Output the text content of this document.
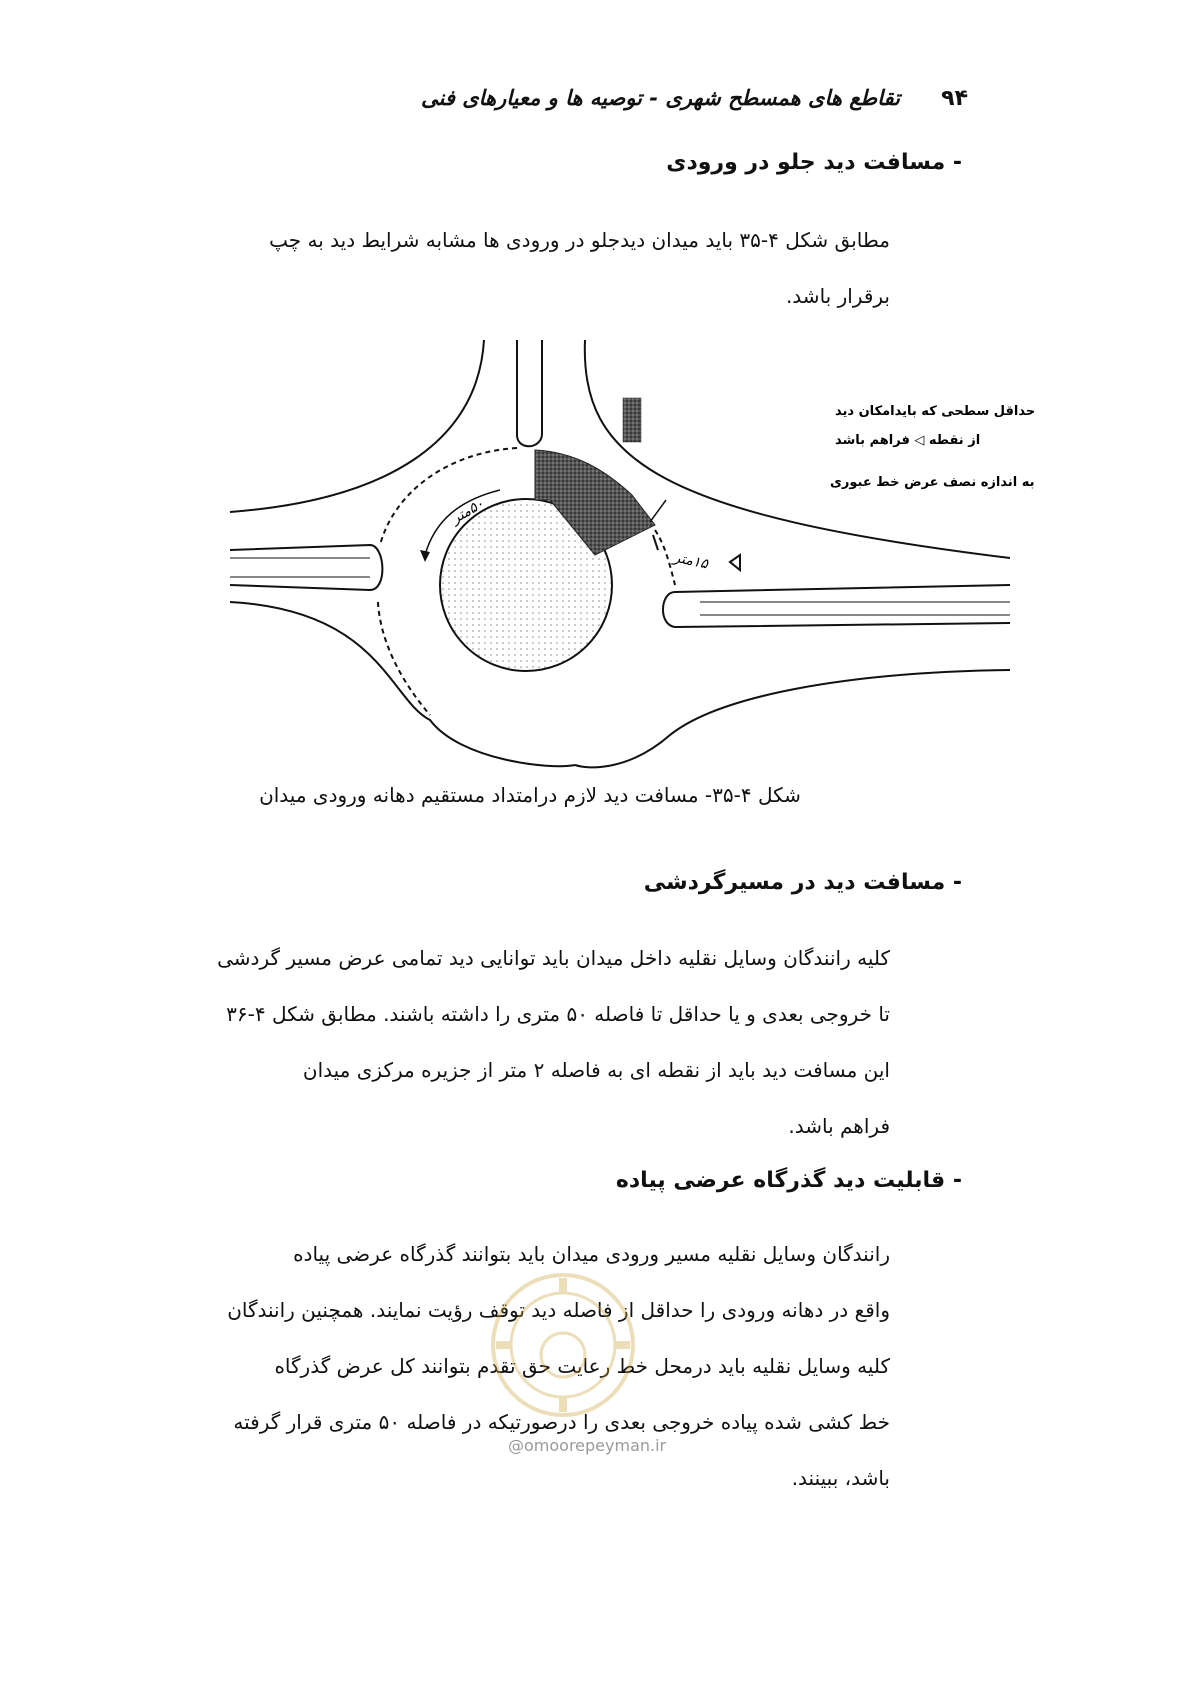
تقاطع های همسطح شهری - توصیه ها و معیارهای فنی ۹۴
- مسافت دید جلو در ورودی
مطابق شکل ۴-۳۵ باید میدان دیدجلو در ورودی ها مشابه شرایط دید به چپ
برقرار باشد.
حداقل سطحی که بایدامکان دید
از نقطه ◁ فراهم باشد
به اندازه نصف عرض خط عبوری
۵۰متر
۱۵متر
شکل ۴-۳۵- مسافت دید لازم درامتداد مستقیم دهانه ورودی میدان
- مسافت دید در مسیرگردشی
کلیه رانندگان وسایل نقلیه داخل میدان باید توانایی دید تمامی عرض مسیر گردشی
تا خروجی بعدی و یا حداقل تا فاصله ۵۰ متری را داشته باشند. مطابق شکل ۴-۳۶
این مسافت دید باید از نقطه ای به فاصله ۲ متر از جزیره مرکزی میدان
فراهم باشد.
- قابلیت دید گذرگاه عرضی پیاده
رانندگان وسایل نقلیه مسیر ورودی میدان باید بتوانند گذرگاه عرضی پیاده
واقع در دهانه ورودی را حداقل از فاصله دید توقف رؤیت نمایند. همچنین رانندگان
کلیه وسایل نقلیه باید درمحل خط رعایت حق تقدم بتوانند کل عرض گذرگاه
خط کشی شده پیاده خروجی بعدی را درصورتیکه در فاصله ۵۰ متری قرار گرفته
باشد، ببینند.
@omoorepeyman.ir
